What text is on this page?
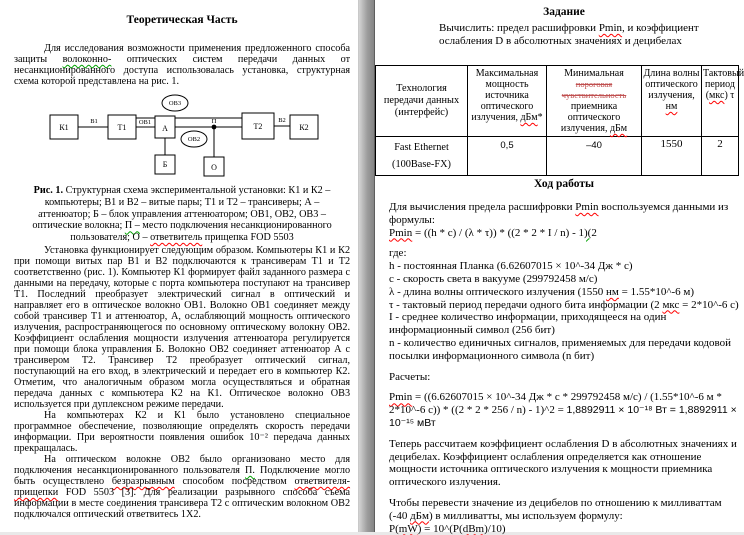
Теоретическая Часть

Для исследования возможности применения предложенного способа защиты волоконно- оптических систем передачи данных от несанкционированного доступа использовалась установка, структурная схема которой представлена на рис. 1.

К1
В1
Т1
ОВ1
А
Б
ОВ3
ОВ2
П
О
Т2
В2
К2
Рис. 1. Структурная схема экспериментальной установки: К1 и К2 – компьютеры; В1 и В2 – витые пары; Т1 и Т2 – трансиверы; А – аттенюатор; Б – блок управления аттенюатором; ОВ1, ОВ2, ОВ3 – оптические волокна; П – место подключения несанкционированного пользователя; О – ответвитель прищепка FOD 5503

Установка функционирует следующим образом. Компьютеры К1 и К2 при помощи витых пар В1 и В2 подключаются к трансиверам Т1 и Т2 соответственно (рис. 1). Компьютер К1 формирует файл заданного размера с данными на передачу, которые с порта компьютера поступают на трансивер Т1. Последний преобразует электрический сигнал в оптический и направляет его в оптическое волокно ОВ1. Волокно ОВ1 соединяет между собой трансивер Т1 и аттенюатор, А, ослабляющий мощность оптического излучения, распространяющегося по основному оптическому волокну ОВ2. Коэффициент ослабления мощности излучения аттенюатора регулируется при помощи блока управления Б. Волокно ОВ2 соединяет аттенюатор А с трансивером Т2. Трансивер Т2 преобразует оптический сигнал, поступающий на его вход, в электрический и передает его в компьютер К2. Отметим, что аналогичным образом могла осуществляться и обратная передача данных с компьютера К2 на К1. Оптическое волокно ОВ3 используется при дуплексном режиме передачи.

На компьютерах К2 и К1 было установлено специальное программное обеспечение, позволяющие определять скорость передачи информации. При вероятности появления ошибок 10⁻² передача данных прекращалась.

На оптическом волокне ОВ2 было организовано место для подключения несанкционированного пользователя П. Подключение могло быть осуществлено безразрывным способом посредством ответвителя-прищепки FOD 5503 [3]. Для реализации разрывного способа съема информации в месте соединения трансивера Т2 с оптическим волокном ОВ2 подключался оптический ответвитесь 1Х2.

Задание
Вычислить: предел расшифровки Pmin, и коэффициент ослабления D в абсолютных значениях и децибелах
Технология передачи данных (интерфейс)	Максимальная мощность источника оптического излучения, дБм*	Минимальная пороговая чувствительность приемника оптического излучения, дБм	Длина волны оптического излучения, нм	Тактовый период (мкс) τ
Fast Ethernet (100Base-FX)	0,5	–40	1550	2
Ход работы
Для вычисления предела расшифровки Pmin воспользуемся данными из формулы:
Pmin = ((h * c) / (λ * τ)) * ((2 * 2 * I / n) - 1)(2
где:
h - постоянная Планка (6.62607015 × 10^-34 Дж * с)
c - скорость света в вакууме (299792458 м/с)
λ - длина волны оптического излучения (1550 нм = 1.55*10^-6 м)
τ - тактовый период передачи одного бита информации (2 мкс = 2*10^-6 с)
I - среднее количество информации, приходящееся на один информационный символ (256 бит)
n - количество единичных сигналов, применяемых для передачи кодовой посылки информационного символа (n бит)
Расчеты:
Pmin = ((6.62607015 × 10^-34 Дж * с * 299792458 м/с) / (1.55*10^-6 м * 2*10^-6 с)) * ((2 * 2 * 256 / n) - 1)^2 = 1,8892911 × 10⁻¹⁸ Вт = 1,8892911 × 10⁻¹⁵ мВт
Теперь рассчитаем коэффициент ослабления D в абсолютных значениях и децибелах. Коэффициент ослабления определяется как отношение мощности источника оптического излучения к мощности приемника оптического излучения.
Чтобы перевести значение из децибелов по отношению к милливаттам (-40 дБм) в милливатты, мы используем формулу:
P(mW) = 10^(P(dBm)/10)
